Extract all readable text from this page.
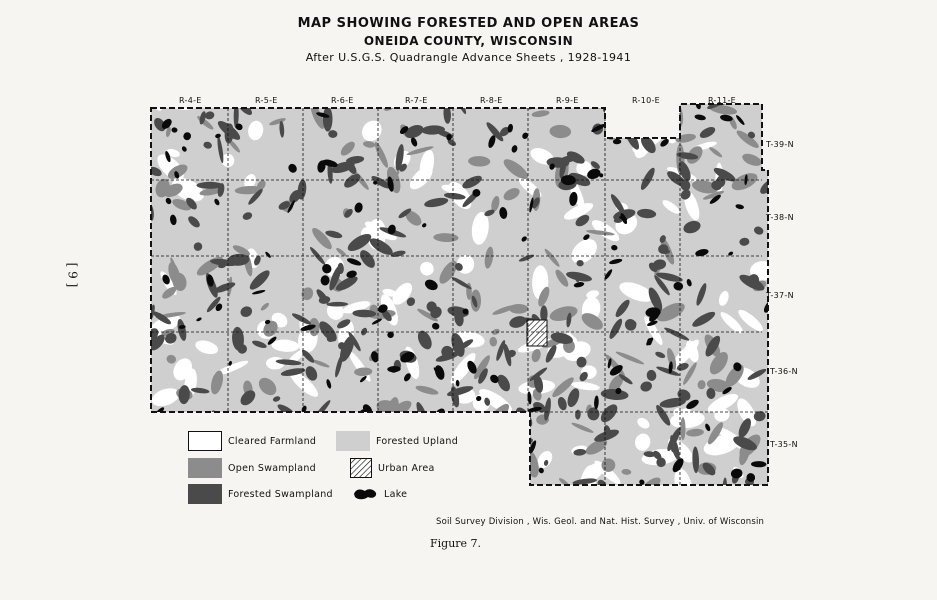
MAP SHOWING FORESTED AND OPEN AREAS
ONEIDA COUNTY, WISCONSIN
After U.S.G.S. Quadrangle Advance Sheets , 1928-1941
[ 9 ]
R-4-E	R-5-E	R-6-E	R-7-E	R-8-E	R-9-E	R-10-E	R-11-E
T-39-N
T-38-N
T-37-N
T-36-N
T-35-N
Cleared Farmland	Forested Upland
Open Swampland	Urban Area
Forested Swampland	Lake
Soil Survey Division , Wis. Geol. and Nat. Hist. Survey , Univ. of Wisconsin
Figure 7.
